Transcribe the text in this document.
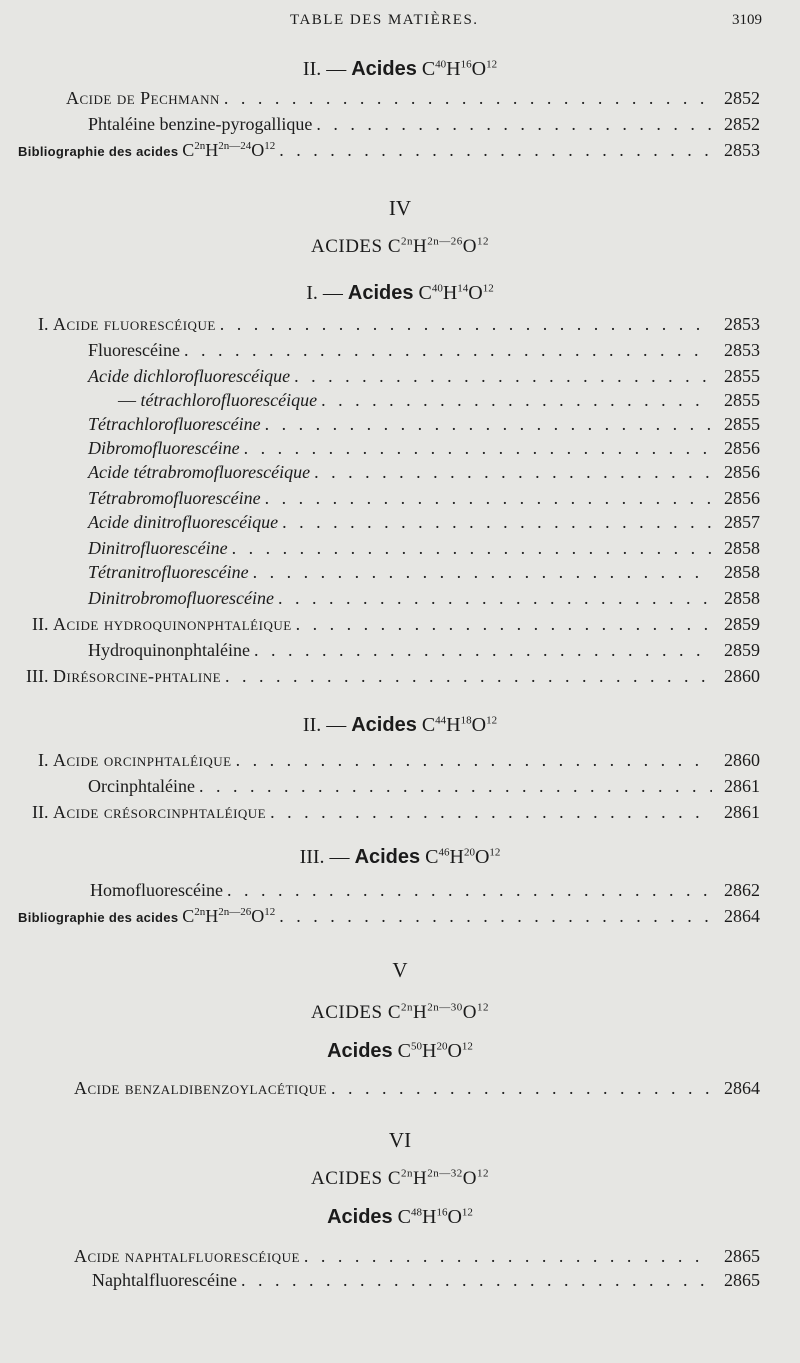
TABLE DES MATIÈRES.	3109
II. — Acides $C^{40}H^{16}O^{12}$
Acide de Pechmann . . .	2852
Phtaléine benzine-pyrogallique . . .	2852
Bibliographie des acides $C^{2n}H^{2n—24}O^{12}$ . . .	2853
IV
ACIDES $C^{2n}H^{2n—26}O^{12}$
I. — Acides $C^{40}H^{14}O^{12}$
I. Acide fluorescéique . . .	2853
Fluorescéine . . .	2853
Acide dichlorofluorescéique . . .	2855
— tétrachlorofluorescéique . . .	2855
Tétrachlorofluorescéine . . .	2855
Dibromofluorescéine . . .	2856
Acide tétrabromofluorescéique . . .	2856
Tétrabromofluorescéine . . .	2856
Acide dinitrofluorescéique . . .	2857
Dinitrofluorescéine . . .	2858
Tétranitrofluorescéine . . .	2858
Dinitrobromofluorescéine . . .	2858
II. Acide hydroquinonphtaléique . . .	2859
Hydroquinonphtaléine . . .	2859
III. Dirésorcine-phtaline . . .	2860
II. — Acides $C^{44}H^{18}O^{12}$
I. Acide orcinphtaléique . . .	2860
Orcinphtaléine . . .	2861
II. Acide crésorcinphtaléique . . .	2861
III. — Acides $C^{46}H^{20}O^{12}$
Homofluorescéine . . .	2862
Bibliographie des acides $C^{2n}H^{2n—26}O^{12}$ . . .	2864
V
ACIDES $C^{2n}H^{2n—30}O^{12}$
Acides $C^{50}H^{20}O^{12}$
Acide benzaldibenzoylacétique . . .	2864
VI
ACIDES $C^{2n}H^{2n—32}O^{12}$
Acides $C^{48}H^{16}O^{12}$
Acide naphtalfluorescéique . . .	2865
Naphtalfluorescéine . . .	2865
